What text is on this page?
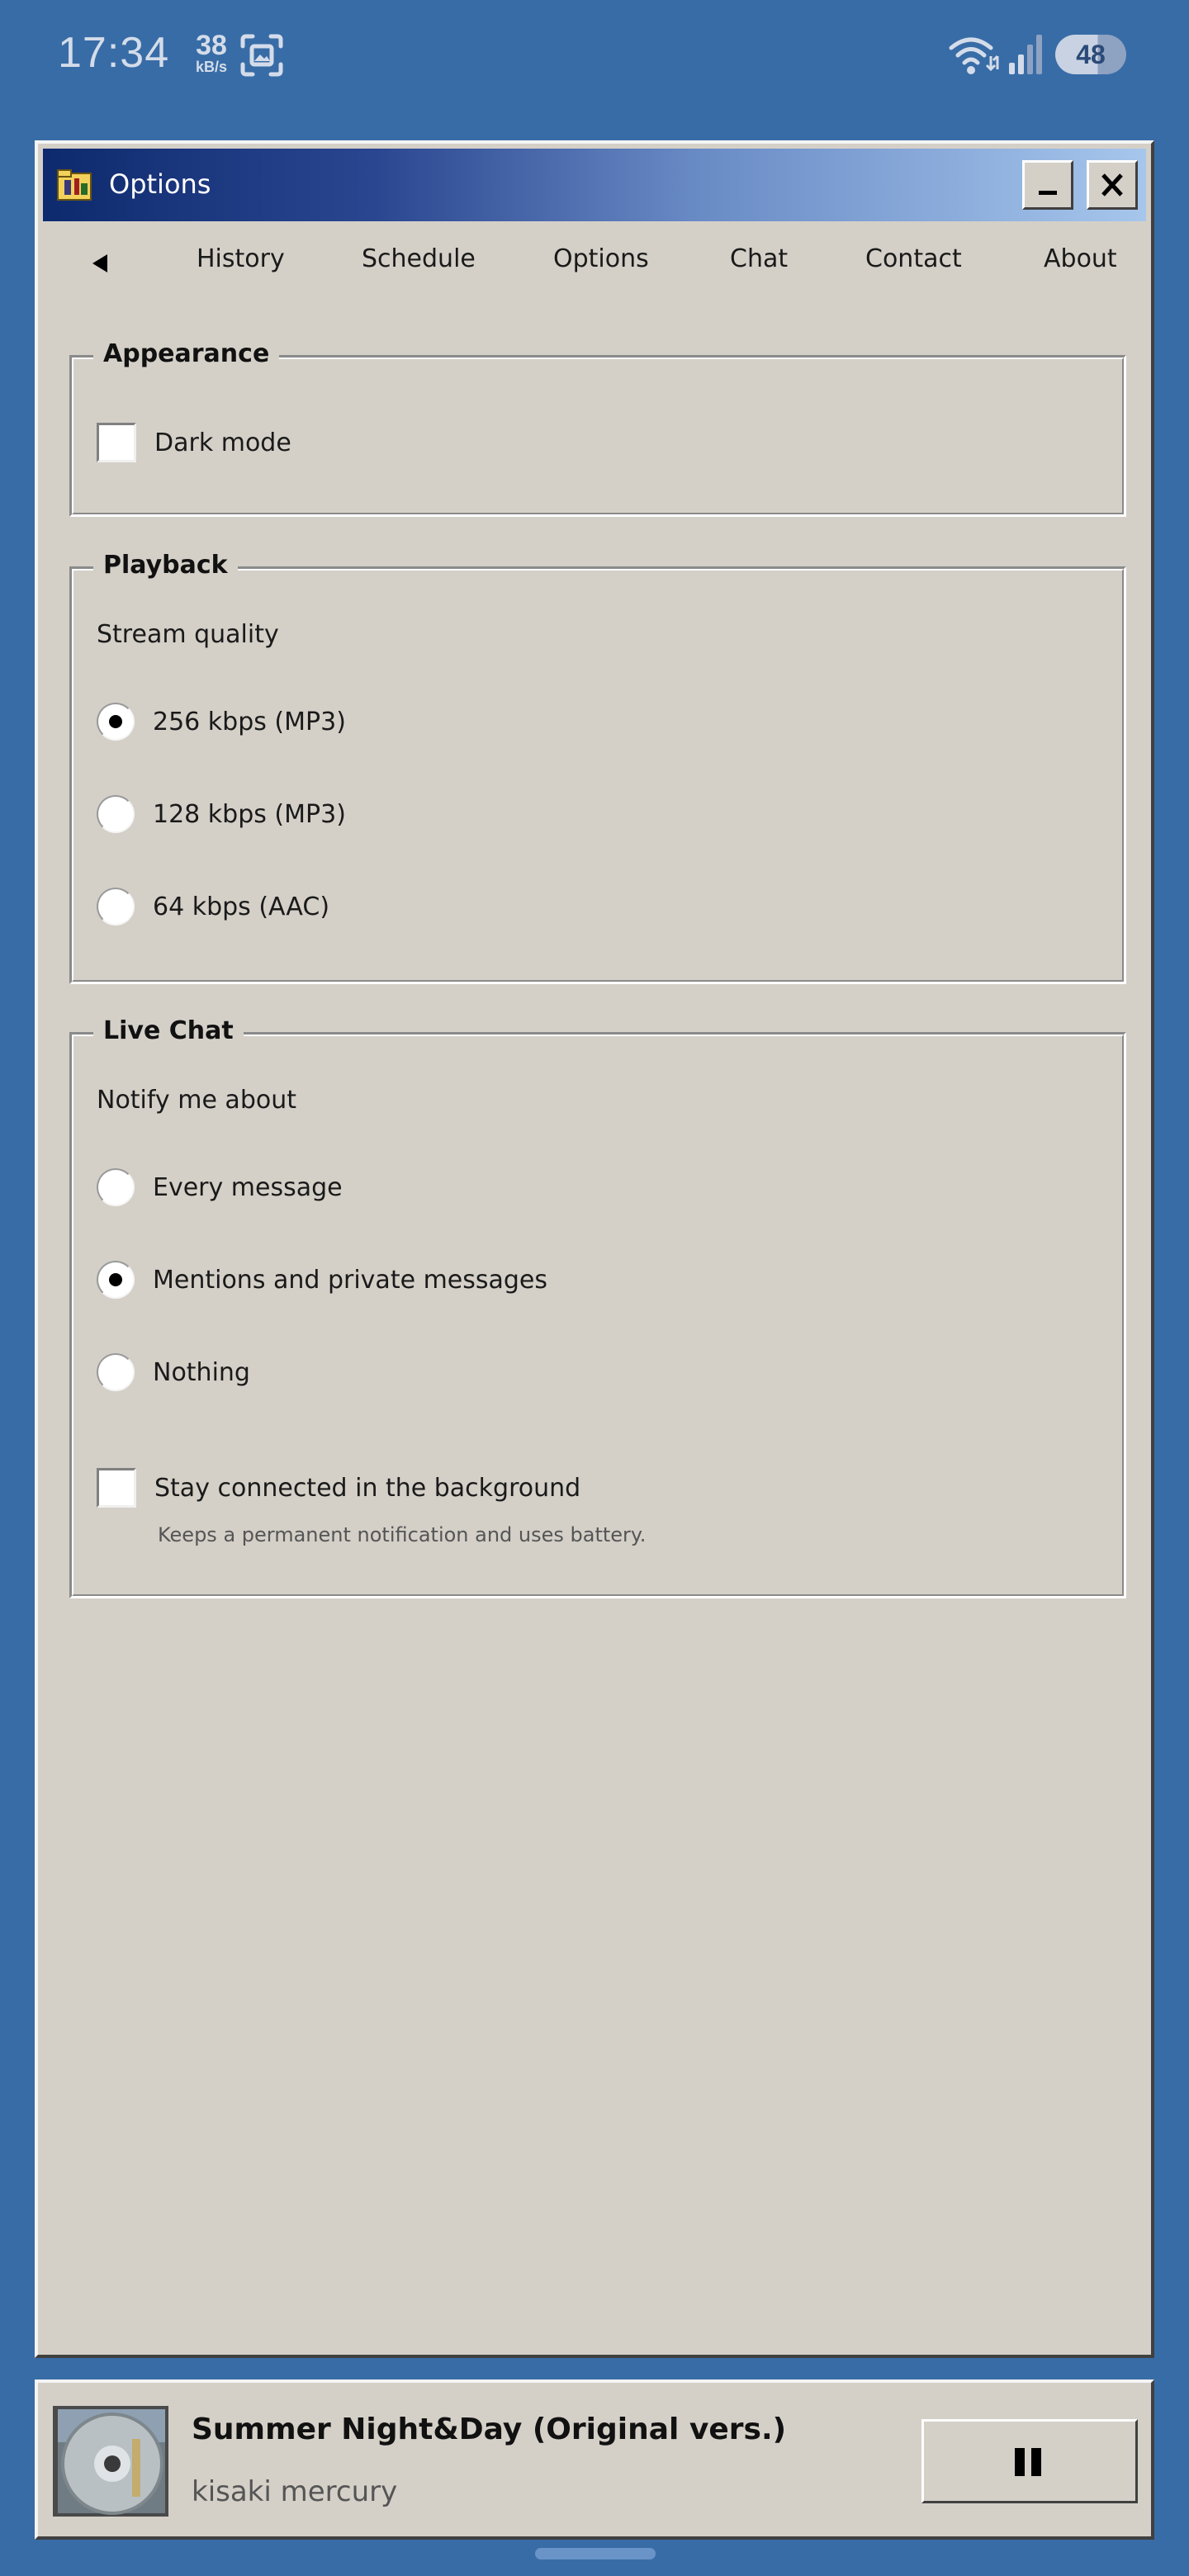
17:34 38
kB/s	48
Options
History	Schedule	Options	Chat	Contact	About
Appearance
Dark mode
Playback
Stream quality
256 kbps (MP3)
128 kbps (MP3)
64 kbps (AAC)
Live Chat
Notify me about
Every message
Mentions and private messages
Nothing
Stay connected in the background
Keeps a permanent notification and uses battery.
Summer Night&Day (Original vers.)
kisaki mercury
